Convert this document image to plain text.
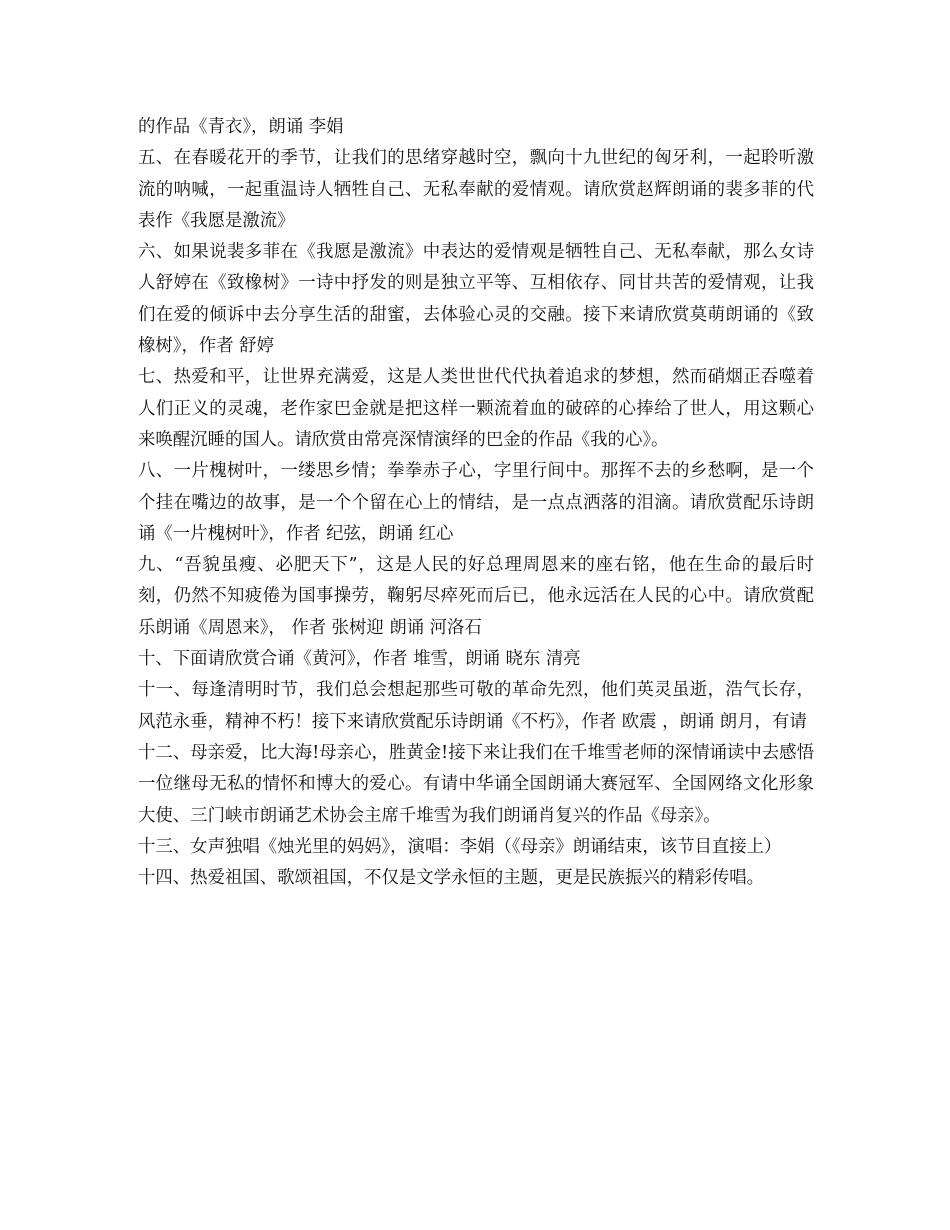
的作品《青衣》，朗诵 李娟

五、在春暖花开的季节，让我们的思绪穿越时空，飘向十九世纪的匈牙利，一起聆听激流的呐喊，一起重温诗人牺牲自己、无私奉献的爱情观。请欣赏赵辉朗诵的裴多菲的代表作《我愿是激流》

六、如果说裴多菲在《我愿是激流》中表达的爱情观是牺牲自己、无私奉献，那么女诗人舒婷在《致橡树》一诗中抒发的则是独立平等、互相依存、同甘共苦的爱情观，让我们在爱的倾诉中去分享生活的甜蜜，去体验心灵的交融。接下来请欣赏莫萌朗诵的《致橡树》，作者 舒婷

七、热爱和平，让世界充满爱，这是人类世世代代执着追求的梦想，然而硝烟正吞噬着人们正义的灵魂，老作家巴金就是把这样一颗流着血的破碎的心捧给了世人，用这颗心来唤醒沉睡的国人。请欣赏由常亮深情演绎的巴金的作品《我的心》。

八、一片槐树叶，一缕思乡情；拳拳赤子心，字里行间中。那挥不去的乡愁啊，是一个个挂在嘴边的故事，是一个个留在心上的情结，是一点点洒落的泪滴。请欣赏配乐诗朗诵《一片槐树叶》，作者 纪弦，朗诵 红心

九、“吾貌虽瘦、必肥天下”，这是人民的好总理周恩来的座右铭，他在生命的最后时刻，仍然不知疲倦为国事操劳，鞠躬尽瘁死而后已，他永远活在人民的心中。请欣赏配乐朗诵《周恩来》， 作者 张树迎 朗诵 河洛石

十、下面请欣赏合诵《黄河》，作者 堆雪，朗诵 晓东 清亮

十一、每逢清明时节，我们总会想起那些可敬的革命先烈，他们英灵虽逝，浩气长存，风范永垂，精神不朽！接下来请欣赏配乐诗朗诵《不朽》，作者 欧震 ，朗诵 朗月，有请

十二、母亲爱，比大海!母亲心，胜黄金!接下来让我们在千堆雪老师的深情诵读中去感悟一位继母无私的情怀和博大的爱心。有请中华诵全国朗诵大赛冠军、全国网络文化形象大使、三门峡市朗诵艺术协会主席千堆雪为我们朗诵肖复兴的作品《母亲》。

十三、女声独唱《烛光里的妈妈》，演唱：李娟（《母亲》朗诵结束，该节目直接上）

十四、热爱祖国、歌颂祖国，不仅是文学永恒的主题，更是民族振兴的精彩传唱。
